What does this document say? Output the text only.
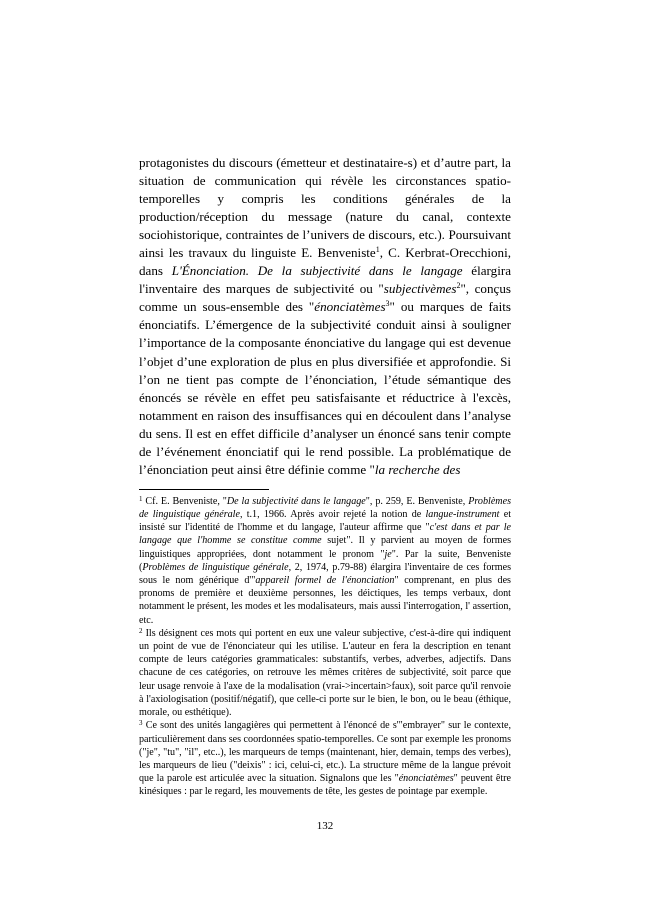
protagonistes du discours (émetteur et destinataire-s) et d’autre part, la situation de communication qui révèle les circonstances spatio-temporelles y compris les conditions générales de la production/réception du message (nature du canal, contexte sociohistorique, contraintes de l’univers de discours, etc.). Poursuivant ainsi les travaux du linguiste E. Benveniste$^1$, C. Kerbrat-Orecchioni, dans L'Énonciation. De la subjectivité dans le langage élargira l'inventaire des marques de subjectivité ou "subjectivèmes$^2$", conçus comme un sous-ensemble des "énonciatèmes$^3$" ou marques de faits énonciatifs. L’émergence de la subjectivité conduit ainsi à souligner l’importance de la composante énonciative du langage qui est devenue l’objet d’une exploration de plus en plus diversifiée et approfondie. Si l’on ne tient pas compte de l’énonciation, l’étude sémantique des énoncés se révèle en effet peu satisfaisante et réductrice à l'excès, notamment en raison des insuffisances qui en découlent dans l’analyse du sens. Il est en effet difficile d’analyser un énoncé sans tenir compte de l’événement énonciatif qui le rend possible. La problématique de l’énonciation peut ainsi être définie comme "la recherche des

$^1$ Cf. E. Benveniste, "De la subjectivité dans le langage", p. 259, E. Benveniste, Problèmes de linguistique générale, t.1, 1966. Après avoir rejeté la notion de langue-instrument et insisté sur l'identité de l'homme et du langage, l'auteur affirme que "c'est dans et par le langage que l'homme se constitue comme sujet". Il y parvient au moyen de formes linguistiques appropriées, dont notamment le pronom "je". Par la suite, Benveniste (Problèmes de linguistique générale, 2, 1974, p.79-88) élargira l'inventaire de ces formes sous le nom générique d'"appareil formel de l'énonciation" comprenant, en plus des pronoms de première et deuxième personnes, les déictiques, les temps verbaux, dont notamment le présent, les modes et les modalisateurs, mais aussi l'interrogation, l' assertion, etc.

$^2$ Ils désignent ces mots qui portent en eux une valeur subjective, c'est-à-dire qui indiquent un point de vue de l'énonciateur qui les utilise. L'auteur en fera la description en tenant compte de leurs catégories grammaticales: substantifs, verbes, adverbes, adjectifs. Dans chacune de ces catégories, on retrouve les mêmes critères de subjectivité, soit parce que leur usage renvoie à l'axe de la modalisation (vrai->incertain>faux), soit parce qu'il renvoie à l'axiologisation (positif/négatif), que celle-ci porte sur le bien, le bon, ou le beau (éthique, morale, ou esthétique).

$^3$ Ce sont des unités langagières qui permettent à l'énoncé de s'"embrayer" sur le contexte, particulièrement dans ses coordonnées spatio-temporelles. Ce sont par exemple les pronoms ("je", "tu", "il", etc..), les marqueurs de temps (maintenant, hier, demain, temps des verbes), les marqueurs de lieu ("deixis" : ici, celui-ci, etc.). La structure même de la langue prévoit que la parole est articulée avec la situation. Signalons que les "énonciatèmes" peuvent être kinésiques : par le regard, les mouvements de tête, les gestes de pointage par exemple.

132
